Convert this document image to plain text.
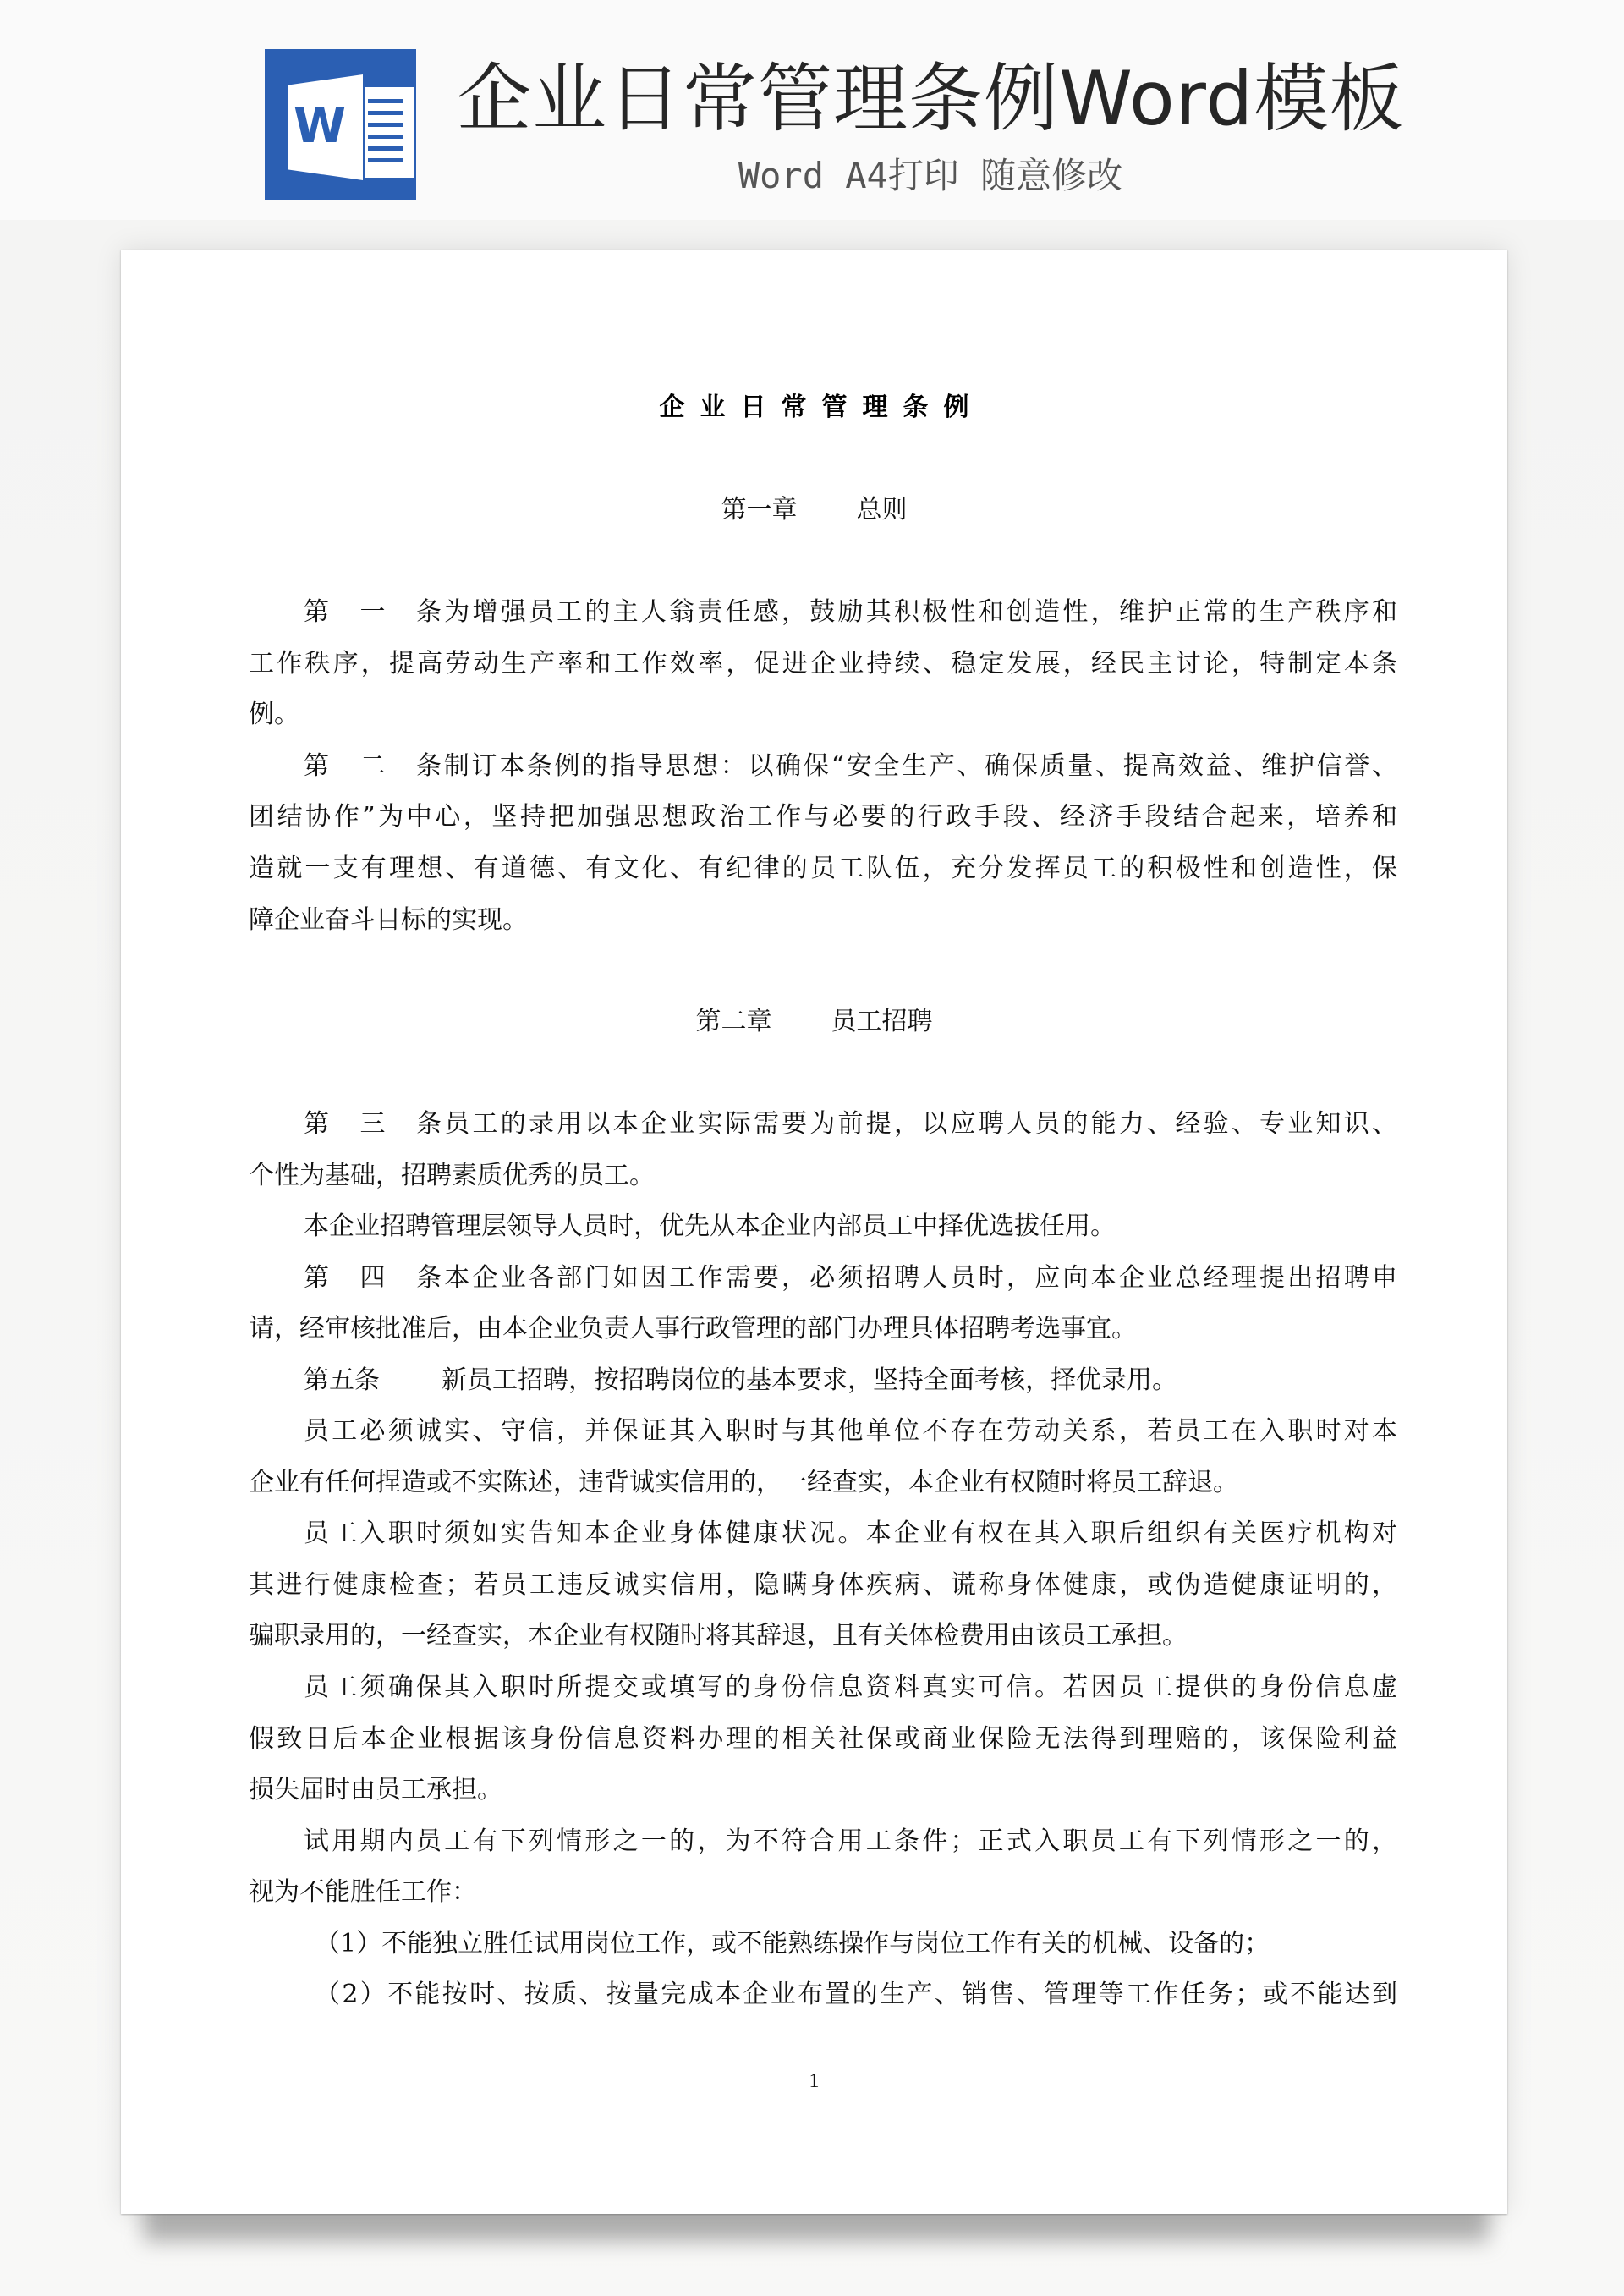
W 企业日常管理条例Word模板
Word A4打印 随意修改
企业日常管理条例
第一章 总则
第一条为增强员工的主人翁责任感，鼓励其积极性和创造性，维护正常的生产秩序和
工作秩序，提高劳动生产率和工作效率，促进企业持续、稳定发展，经民主讨论，特制定本条
例。
第二条制订本条例的指导思想：以确保“安全生产、确保质量、提高效益、维护信誉、
团结协作”为中心，坚持把加强思想政治工作与必要的行政手段、经济手段结合起来，培养和
造就一支有理想、有道德、有文化、有纪律的员工队伍，充分发挥员工的积极性和创造性，保
障企业奋斗目标的实现。
第二章 员工招聘
第三条员工的录用以本企业实际需要为前提，以应聘人员的能力、经验、专业知识、
个性为基础，招聘素质优秀的员工。
本企业招聘管理层领导人员时，优先从本企业内部员工中择优选拔任用。
第四条本企业各部门如因工作需要，必须招聘人员时，应向本企业总经理提出招聘申
请，经审核批准后，由本企业负责人事行政管理的部门办理具体招聘考选事宜。
第五条 新员工招聘，按招聘岗位的基本要求，坚持全面考核，择优录用。
员工必须诚实、守信，并保证其入职时与其他单位不存在劳动关系，若员工在入职时对本
企业有任何捏造或不实陈述，违背诚实信用的，一经查实，本企业有权随时将员工辞退。
员工入职时须如实告知本企业身体健康状况。本企业有权在其入职后组织有关医疗机构对
其进行健康检查；若员工违反诚实信用，隐瞒身体疾病、谎称身体健康，或伪造健康证明的，
骗职录用的，一经查实，本企业有权随时将其辞退，且有关体检费用由该员工承担。
员工须确保其入职时所提交或填写的身份信息资料真实可信。若因员工提供的身份信息虚
假致日后本企业根据该身份信息资料办理的相关社保或商业保险无法得到理赔的，该保险利益
损失届时由员工承担。
试用期内员工有下列情形之一的，为不符合用工条件；正式入职员工有下列情形之一的，
视为不能胜任工作：
（1）不能独立胜任试用岗位工作，或不能熟练操作与岗位工作有关的机械、设备的；
（2）不能按时、按质、按量完成本企业布置的生产、销售、管理等工作任务；或不能达到
1
